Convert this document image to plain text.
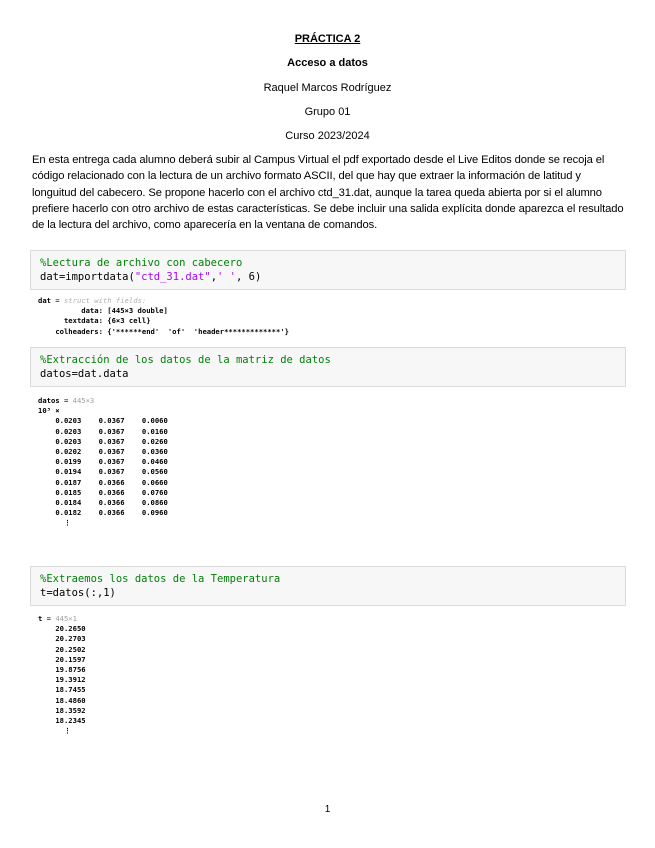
PRÁCTICA 2
Acceso a datos
Raquel Marcos Rodríguez
Grupo 01
Curso 2023/2024
En esta entrega cada alumno deberá subir al Campus Virtual el pdf exportado desde el Live Editos donde se recoja el código relacionado con la lectura de un archivo formato ASCII, del que hay que extraer la información de latitud y longuitud del cabecero. Se propone hacerlo con el archivo ctd_31.dat, aunque la tarea queda abierta por si el alumno prefiere hacerlo con otro archivo de estas características. Se debe incluir una salida explícita donde aparezca el resultado de la lectura del archivo, como aparecería en la ventana de comandos.
%Lectura de archivo con cabecero
dat=importdata("ctd_31.dat",' ', 6)
dat = struct with fields:
data: [445×3 double]
textdata: {6×3 cell}
colheaders: {'******end'  'of'  'header*************'}
%Extracción de los datos de la matriz de datos
datos=dat.data
datos = 445×3
10³ ×
0.0203 0.0367 0.0060
0.0203 0.0367 0.0160
0.0203 0.0367 0.0260
0.0202 0.0367 0.0360
0.0199 0.0367 0.0460
0.0194 0.0367 0.0560
0.0187 0.0366 0.0660
0.0185 0.0366 0.0760
0.0184 0.0366 0.0860
0.0182 0.0366 0.0960
⋮
%Extraemos los datos de la Temperatura
t=datos(:,1)
t = 445×1
20.2650
20.2703
20.2502
20.1597
19.8756
19.3912
18.7455
18.4860
18.3592
18.2345
⋮
1
